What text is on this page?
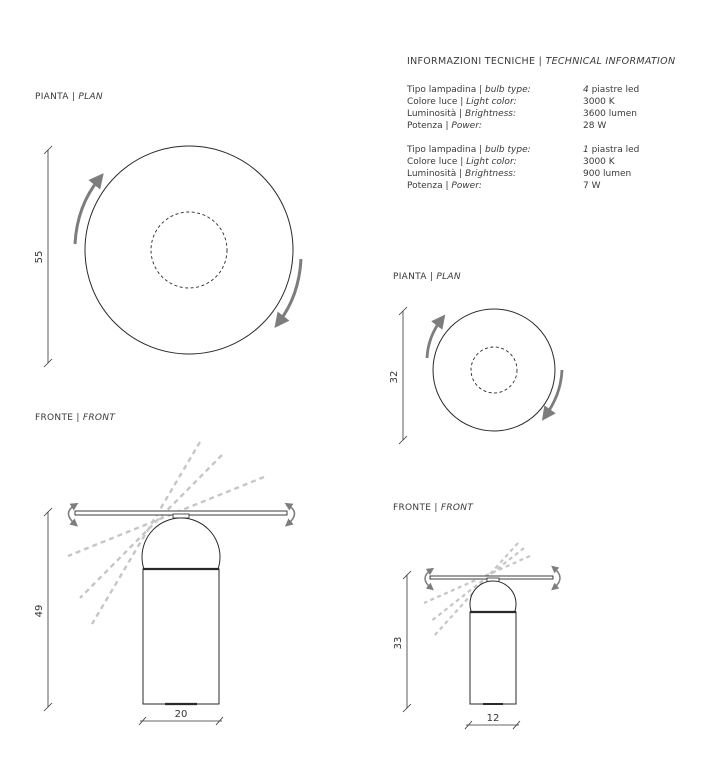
INFORMAZIONI TECNICHE | TECHNICAL INFORMATION
Tipo lampadina | bulb type:	4 piastre led
Colore luce | Light color:	3000 K
Luminosità | Brightness:	3600 lumen
Potenza | Power:	28 W
Tipo lampadina | bulb type:	1 piastra led
Colore luce | Light color:	3000 K
Luminosità | Brightness:	900 lumen
Potenza | Power:	7 W
PIANTA | PLAN
FRONTE | FRONT
PIANTA | PLAN
FRONTE | FRONT
55
49
20
32
33
12
